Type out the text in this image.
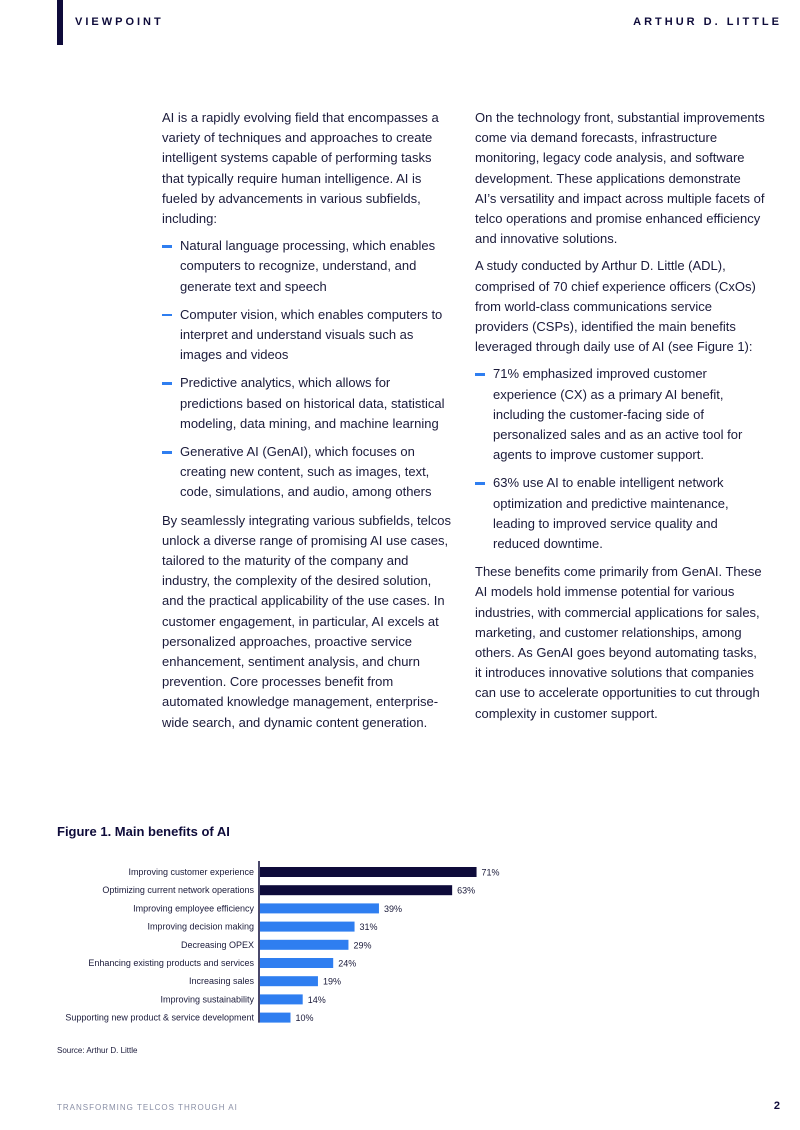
VIEWPOINT	ARTHUR D. LITTLE

AI is a rapidly evolving field that encompasses a variety of techniques and approaches to create intelligent systems capable of performing tasks that typically require human intelligence. AI is fueled by advancements in various subfields, including:

Natural language processing, which enables computers to recognize, understand, and generate text and speech
Computer vision, which enables computers to interpret and understand visuals such as images and videos
Predictive analytics, which allows for predictions based on historical data, statistical modeling, data mining, and machine learning
Generative AI (GenAI), which focuses on creating new content, such as images, text, code, simulations, and audio, among others

By seamlessly integrating various subfields, telcos unlock a diverse range of promising AI use cases, tailored to the maturity of the company and industry, the complexity of the desired solution, and the practical applicability of the use cases. In customer engagement, in particular, AI excels at personalized approaches, proactive service enhancement, sentiment analysis, and churn prevention. Core processes benefit from automated knowledge management, enterprise-wide search, and dynamic content generation.

On the technology front, substantial improvements come via demand forecasts, infrastructure monitoring, legacy code analysis, and software development. These applications demonstrate AI’s versatility and impact across multiple facets of telco operations and promise enhanced efficiency and innovative solutions.

A study conducted by Arthur D. Little (ADL), comprised of 70 chief experience officers (CxOs) from world-class communications service providers (CSPs), identified the main benefits leveraged through daily use of AI (see Figure 1):

71% emphasized improved customer experience (CX) as a primary AI benefit, including the customer-facing side of personalized sales and as an active tool for agents to improve customer support.
63% use AI to enable intelligent network optimization and predictive maintenance, leading to improved service quality and reduced downtime.

These benefits come primarily from GenAI. These AI models hold immense potential for various industries, with commercial applications for sales, marketing, and customer relationships, among others. As GenAI goes beyond automating tasks, it introduces innovative solutions that companies can use to accelerate opportunities to cut through complexity in customer support.

Figure 1. Main benefits of AI
Improving customer experience	71%
Optimizing current network operations	63%
Improving employee efficiency	39%
Improving decision making	31%
Decreasing OPEX	29%
Enhancing existing products and services	24%
Increasing sales	19%
Improving sustainability	14%
Supporting new product & service development	10%
Source: Arthur D. Little
TRANSFORMING TELCOS THROUGH AI	2
